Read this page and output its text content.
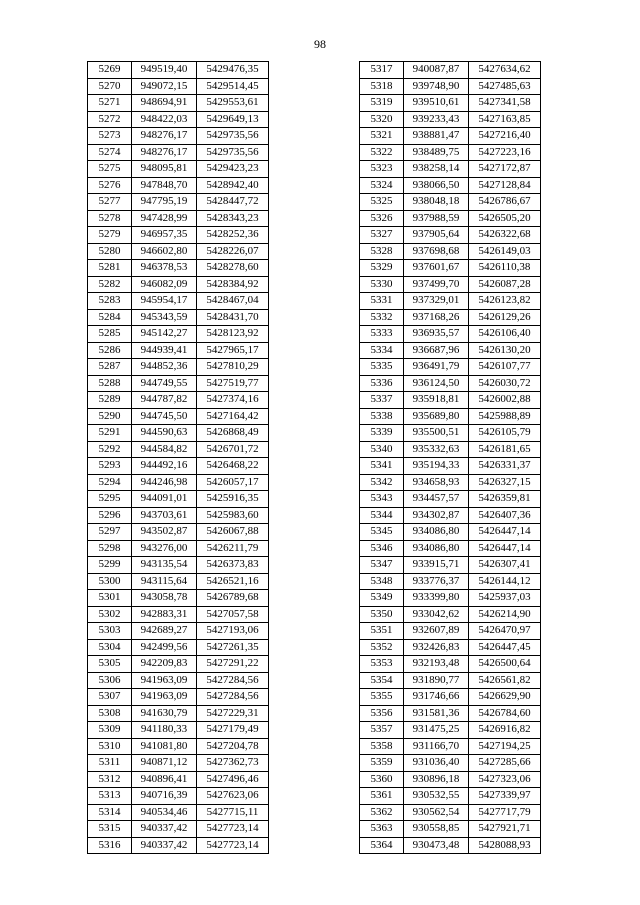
98
5269	949519,40	5429476,35
5270	949072,15	5429514,45
5271	948694,91	5429553,61
5272	948422,03	5429649,13
5273	948276,17	5429735,56
5274	948276,17	5429735,56
5275	948095,81	5429423,23
5276	947848,70	5428942,40
5277	947795,19	5428447,72
5278	947428,99	5428343,23
5279	946957,35	5428252,36
5280	946602,80	5428226,07
5281	946378,53	5428278,60
5282	946082,09	5428384,92
5283	945954,17	5428467,04
5284	945343,59	5428431,70
5285	945142,27	5428123,92
5286	944939,41	5427965,17
5287	944852,36	5427810,29
5288	944749,55	5427519,77
5289	944787,82	5427374,16
5290	944745,50	5427164,42
5291	944590,63	5426868,49
5292	944584,82	5426701,72
5293	944492,16	5426468,22
5294	944246,98	5426057,17
5295	944091,01	5425916,35
5296	943703,61	5425983,60
5297	943502,87	5426067,88
5298	943276,00	5426211,79
5299	943135,54	5426373,83
5300	943115,64	5426521,16
5301	943058,78	5426789,68
5302	942883,31	5427057,58
5303	942689,27	5427193,06
5304	942499,56	5427261,35
5305	942209,83	5427291,22
5306	941963,09	5427284,56
5307	941963,09	5427284,56
5308	941630,79	5427229,31
5309	941180,33	5427179,49
5310	941081,80	5427204,78
5311	940871,12	5427362,73
5312	940896,41	5427496,46
5313	940716,39	5427623,06
5314	940534,46	5427715,11
5315	940337,42	5427723,14
5316	940337,42	5427723,14
5317	940087,87	5427634,62
5318	939748,90	5427485,63
5319	939510,61	5427341,58
5320	939233,43	5427163,85
5321	938881,47	5427216,40
5322	938489,75	5427223,16
5323	938258,14	5427172,87
5324	938066,50	5427128,84
5325	938048,18	5426786,67
5326	937988,59	5426505,20
5327	937905,64	5426322,68
5328	937698,68	5426149,03
5329	937601,67	5426110,38
5330	937499,70	5426087,28
5331	937329,01	5426123,82
5332	937168,26	5426129,26
5333	936935,57	5426106,40
5334	936687,96	5426130,20
5335	936491,79	5426107,77
5336	936124,50	5426030,72
5337	935918,81	5426002,88
5338	935689,80	5425988,89
5339	935500,51	5426105,79
5340	935332,63	5426181,65
5341	935194,33	5426331,37
5342	934658,93	5426327,15
5343	934457,57	5426359,81
5344	934302,87	5426407,36
5345	934086,80	5426447,14
5346	934086,80	5426447,14
5347	933915,71	5426307,41
5348	933776,37	5426144,12
5349	933399,80	5425937,03
5350	933042,62	5426214,90
5351	932607,89	5426470,97
5352	932426,83	5426447,45
5353	932193,48	5426500,64
5354	931890,77	5426561,82
5355	931746,66	5426629,90
5356	931581,36	5426784,60
5357	931475,25	5426916,82
5358	931166,70	5427194,25
5359	931036,40	5427285,66
5360	930896,18	5427323,06
5361	930532,55	5427339,97
5362	930562,54	5427717,79
5363	930558,85	5427921,71
5364	930473,48	5428088,93
